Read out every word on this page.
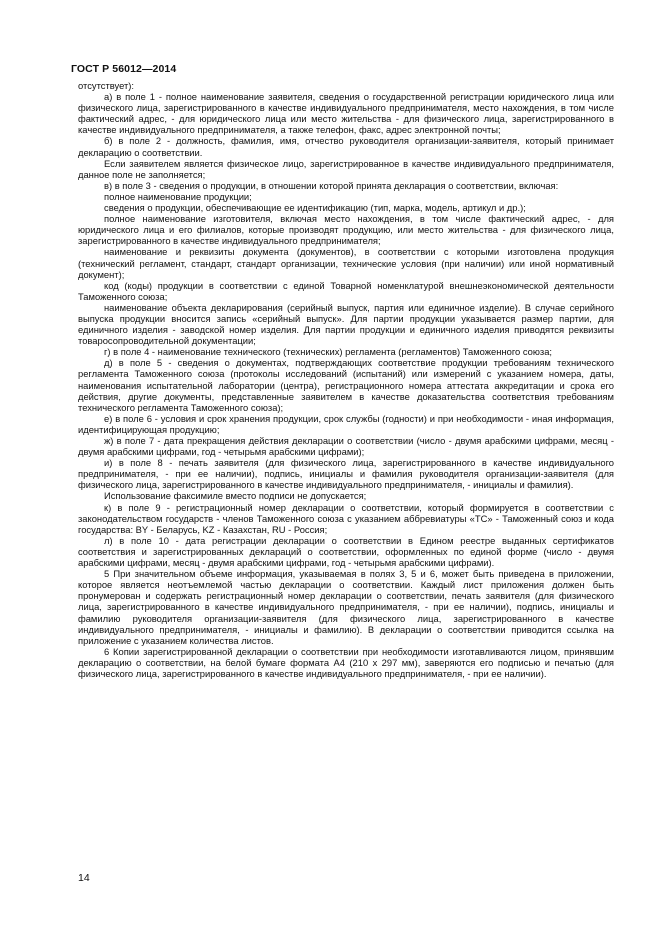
ГОСТ Р 56012—2014

отсутствует):

а) в поле 1 - полное наименование заявителя, сведения о государственной регистрации юридического лица или физического лица, зарегистрированного в качестве индивидуального предпринимателя, место нахождения, в том числе фактический адрес, - для юридического лица или место жительства - для физического лица, зарегистрированного в качестве индивидуального предпринимателя, а также телефон, факс, адрес электронной почты;

б) в поле 2 - должность, фамилия, имя, отчество руководителя организации-заявителя, который принимает декларацию о соответствии.

Если заявителем является физическое лицо, зарегистрированное в качестве индивидуального предпринимателя, данное поле не заполняется;

в) в поле 3 - сведения о продукции, в отношении которой принята декларация о соответствии, включая:

полное наименование продукции;

сведения о продукции, обеспечивающие ее идентификацию (тип, марка, модель, артикул и др.);

полное наименование изготовителя, включая место нахождения, в том числе фактический адрес, - для юридического лица и его филиалов, которые производят продукцию, или место жительства - для физического лица, зарегистрированного в качестве индивидуального предпринимателя;

наименование и реквизиты документа (документов), в соответствии с которыми изготовлена продукция (технический регламент, стандарт, стандарт организации, технические условия (при наличии) или иной нормативный документ);

код (коды) продукции в соответствии с единой Товарной номенклатурой внешнеэкономической деятельности Таможенного союза;

наименование объекта декларирования (серийный выпуск, партия или единичное изделие). В случае серийного выпуска продукции вносится запись «серийный выпуск». Для партии продукции указывается размер партии, для единичного изделия - заводской номер изделия. Для партии продукции и единичного изделия приводятся реквизиты товаросопроводительной документации;

г) в поле 4 - наименование технического (технических) регламента (регламентов) Таможенного союза;

д) в поле 5 - сведения о документах, подтверждающих соответствие продукции требованиям технического регламента Таможенного союза (протоколы исследований (испытаний) или измерений с указанием номера, даты, наименования испытательной лаборатории (центра), регистрационного номера аттестата аккредитации и срока его действия, другие документы, представленные заявителем в качестве доказательства соответствия требованиям технического регламента Таможенного союза);

е) в поле 6 - условия и срок хранения продукции, срок службы (годности) и при необходимости - иная информация, идентифицирующая продукцию;

ж) в поле 7 - дата прекращения действия декларации о соответствии (число - двумя арабскими цифрами, месяц - двумя арабскими цифрами, год - четырьмя арабскими цифрами);

и) в поле 8 - печать заявителя (для физического лица, зарегистрированного в качестве индивидуального предпринимателя, - при ее наличии), подпись, инициалы и фамилия руководителя организации-заявителя (для физического лица, зарегистрированного в качестве индивидуального предпринимателя, - инициалы и фамилия).

Использование факсимиле вместо подписи не допускается;

к) в поле 9 - регистрационный номер декларации о соответствии, который формируется в соответствии с законодательством государств - членов Таможенного союза с указанием аббревиатуры «ТС» - Таможенный союз и кода государства: BY - Беларусь, KZ - Казахстан, RU - Россия;

л) в поле 10 - дата регистрации декларации о соответствии в Едином реестре выданных сертификатов соответствия и зарегистрированных деклараций о соответствии, оформленных по единой форме (число - двумя арабскими цифрами, месяц - двумя арабскими цифрами, год - четырьмя арабскими цифрами).

5 При значительном объеме информация, указываемая в полях 3, 5 и 6, может быть приведена в приложении, которое является неотъемлемой частью декларации о соответствии. Каждый лист приложения должен быть пронумерован и содержать регистрационный номер декларации о соответствии, печать заявителя (для физического лица, зарегистрированного в качестве индивидуального предпринимателя, - при ее наличии), подпись, инициалы и фамилию руководителя организации-заявителя (для физического лица, зарегистрированного в качестве индивидуального предпринимателя, - инициалы и фамилию). В декларации о соответствии приводится ссылка на приложение с указанием количества листов.

6 Копии зарегистрированной декларации о соответствии при необходимости изготавливаются лицом, принявшим декларацию о соответствии, на белой бумаге формата А4 (210 x 297 мм), заверяются его подписью и печатью (для физического лица, зарегистрированного в качестве индивидуального предпринимателя, - при ее наличии).

14
